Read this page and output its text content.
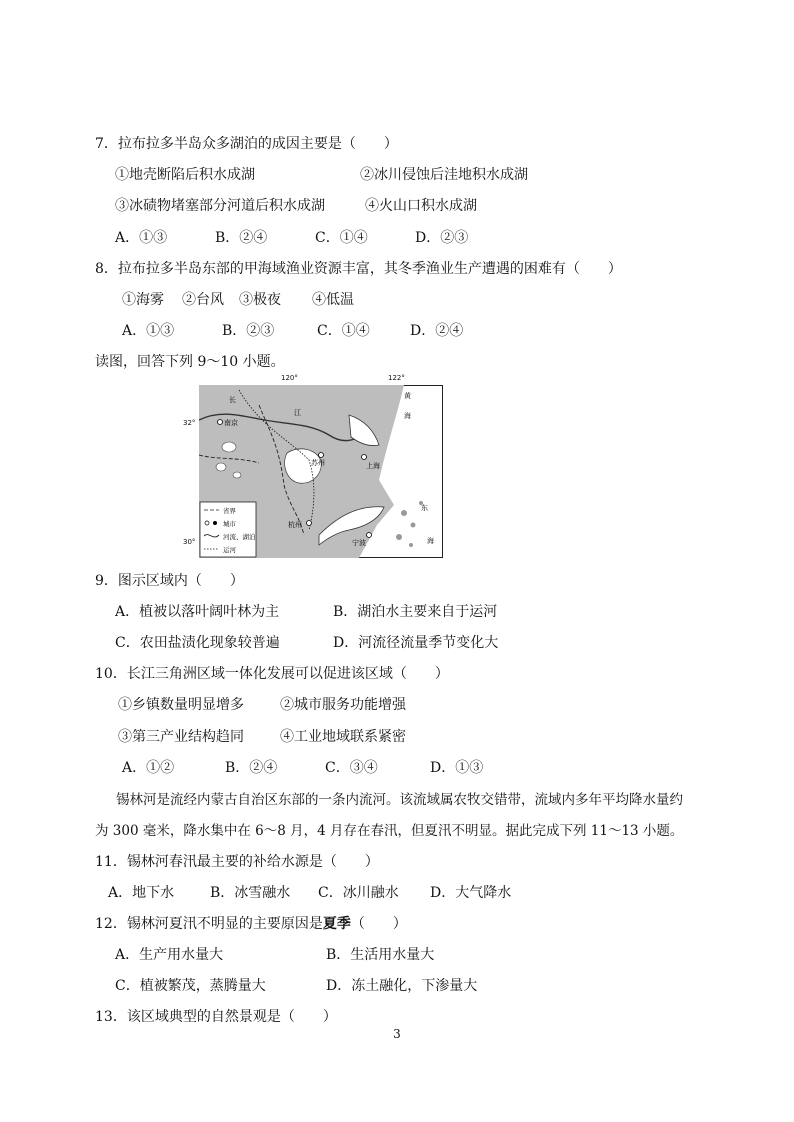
7．拉布拉多半岛众多湖泊的成因主要是（　　）
①地壳断陷后积水成湖	②冰川侵蚀后洼地积水成湖
③冰碛物堵塞部分河道后积水成湖	④火山口积水成湖
A．①③	B．②④	C．①④	D．②③
8．拉布拉多半岛东部的甲海域渔业资源丰富，其冬季渔业生产遭遇的困难有（　　）
①海雾 ②台风 ③极夜 ④低温
A．①③	B．②③	C．①④	D．②④
读图，回答下列 9～10 小题。
南京
苏州	上海
杭州
宁波
长
江
黄
海
东
海
省界
城市
河流、湖泊
运河
120°	122°
32°
30°
9．图示区域内（　　）
A．植被以落叶阔叶林为主	B．湖泊水主要来自于运河
C．农田盐渍化现象较普遍	D．河流径流量季节变化大
10．长江三角洲区域一体化发展可以促进该区域（　　）
①乡镇数量明显增多	②城市服务功能增强
③第三产业结构趋同	④工业地域联系紧密
A．①②	B．②④	C．③④	D．①③
锡林河是流经内蒙古自治区东部的一条内流河。该流域属农牧交错带，流域内多年平均降水量约
为 300 毫米，降水集中在 6～8 月，4 月存在春汛，但夏汛不明显。据此完成下列 11～13 小题。
11．锡林河春汛最主要的补给水源是（　　）
A．地下水	B．冰雪融水 C．冰川融水 D．大气降水
12．锡林河夏汛不明显的主要原因是夏季（　　）
A．生产用水量大	B．生活用水量大
C．植被繁茂，蒸腾量大	D．冻土融化，下渗量大
13．该区域典型的自然景观是（　　）
3
